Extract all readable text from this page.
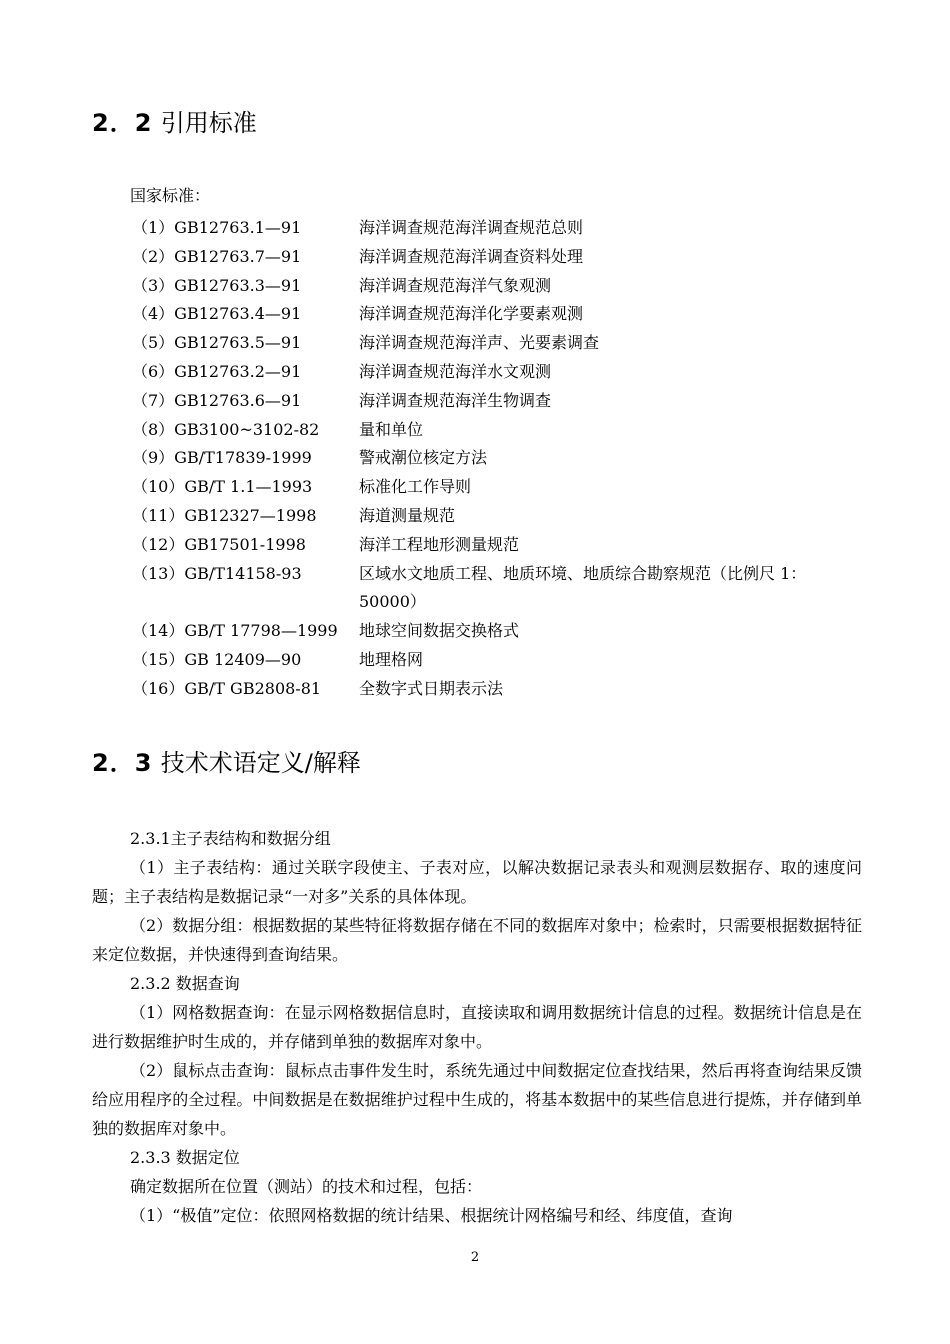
2．2 引用标准
国家标准：
（1）GB12763.1—91	海洋调查规范海洋调查规范总则
（2）GB12763.7—91	海洋调查规范海洋调查资料处理
（3）GB12763.3—91	海洋调查规范海洋气象观测
（4）GB12763.4—91	海洋调查规范海洋化学要素观测
（5）GB12763.5—91	海洋调查规范海洋声、光要素调查
（6）GB12763.2—91	海洋调查规范海洋水文观测
（7）GB12763.6—91	海洋调查规范海洋生物调查
（8）GB3100~3102-82 量和单位
（9）GB/T17839-1999	警戒潮位核定方法
（10）GB/T 1.1—1993	标准化工作导则
（11）GB12327—1998	海道测量规范
（12）GB17501-1998	海洋工程地形测量规范
（13）GB/T14158-93	区域水文地质工程、地质环境、地质综合勘察规范（比例尺 1：50000）
（14）GB/T 17798—1999 地球空间数据交换格式
（15）GB 12409—90	地理格网
（16）GB/T GB2808-81 全数字式日期表示法
2．3 技术术语定义/解释

2.3.1主子表结构和数据分组

（1）主子表结构：通过关联字段使主、子表对应，以解决数据记录表头和观测层数据存、取的速度问题；主子表结构是数据记录“一对多”关系的具体体现。

（2）数据分组：根据数据的某些特征将数据存储在不同的数据库对象中；检索时，只需要根据数据特征来定位数据，并快速得到查询结果。

2.3.2 数据查询

（1）网格数据查询：在显示网格数据信息时，直接读取和调用数据统计信息的过程。数据统计信息是在进行数据维护时生成的，并存储到单独的数据库对象中。

（2）鼠标点击查询：鼠标点击事件发生时，系统先通过中间数据定位查找结果，然后再将查询结果反馈给应用程序的全过程。中间数据是在数据维护过程中生成的，将基本数据中的某些信息进行提炼，并存储到单独的数据库对象中。

2.3.3 数据定位

确定数据所在位置（测站）的技术和过程，包括：

（1）“极值”定位：依照网格数据的统计结果、根据统计网格编号和经、纬度值，查询

2
